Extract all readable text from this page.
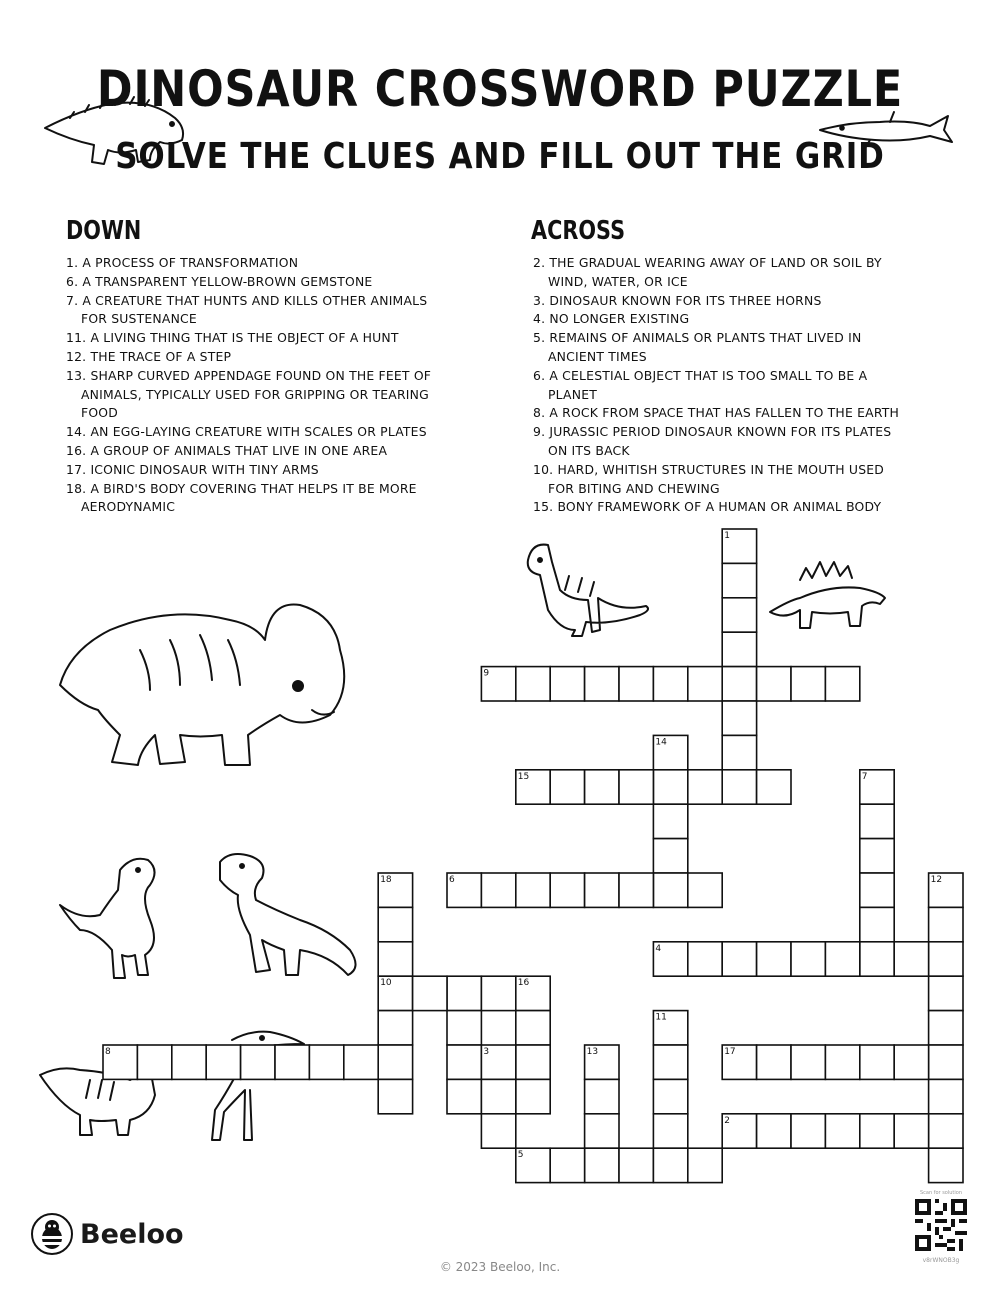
DINOSAUR CROSSWORD PUZZLE
SOLVE THE CLUES AND FILL OUT THE GRID
DOWN	ACROSS
1. A PROCESS OF TRANSFORMATION
6. A TRANSPARENT YELLOW-BROWN GEMSTONE
7. A CREATURE THAT HUNTS AND KILLS OTHER ANIMALS FOR SUSTENANCE
11. A LIVING THING THAT IS THE OBJECT OF A HUNT
12. THE TRACE OF A STEP
13. SHARP CURVED APPENDAGE FOUND ON THE FEET OF ANIMALS, TYPICALLY USED FOR GRIPPING OR TEARING FOOD
14. AN EGG-LAYING CREATURE WITH SCALES OR PLATES
16. A GROUP OF ANIMALS THAT LIVE IN ONE AREA
17. ICONIC DINOSAUR WITH TINY ARMS
18. A BIRD'S BODY COVERING THAT HELPS IT BE MORE AERODYNAMIC
2. THE GRADUAL WEARING AWAY OF LAND OR SOIL BY WIND, WATER, OR ICE
3. DINOSAUR KNOWN FOR ITS THREE HORNS
4. NO LONGER EXISTING
5. REMAINS OF ANIMALS OR PLANTS THAT LIVED IN ANCIENT TIMES
6. A CELESTIAL OBJECT THAT IS TOO SMALL TO BE A PLANET
8. A ROCK FROM SPACE THAT HAS FALLEN TO THE EARTH
9. JURASSIC PERIOD DINOSAUR KNOWN FOR ITS PLATES ON ITS BACK
10. HARD, WHITISH STRUCTURES IN THE MOUTH USED FOR BITING AND CHEWING
15. BONY FRAMEWORK OF A HUMAN OR ANIMAL BODY
1
9
14
15	7
18	6	12
4
10	16
11
8	3	13	17
2
5
Beeloo
© 2023 Beeloo, Inc.
Scan for solution
v8rWNOB3g
